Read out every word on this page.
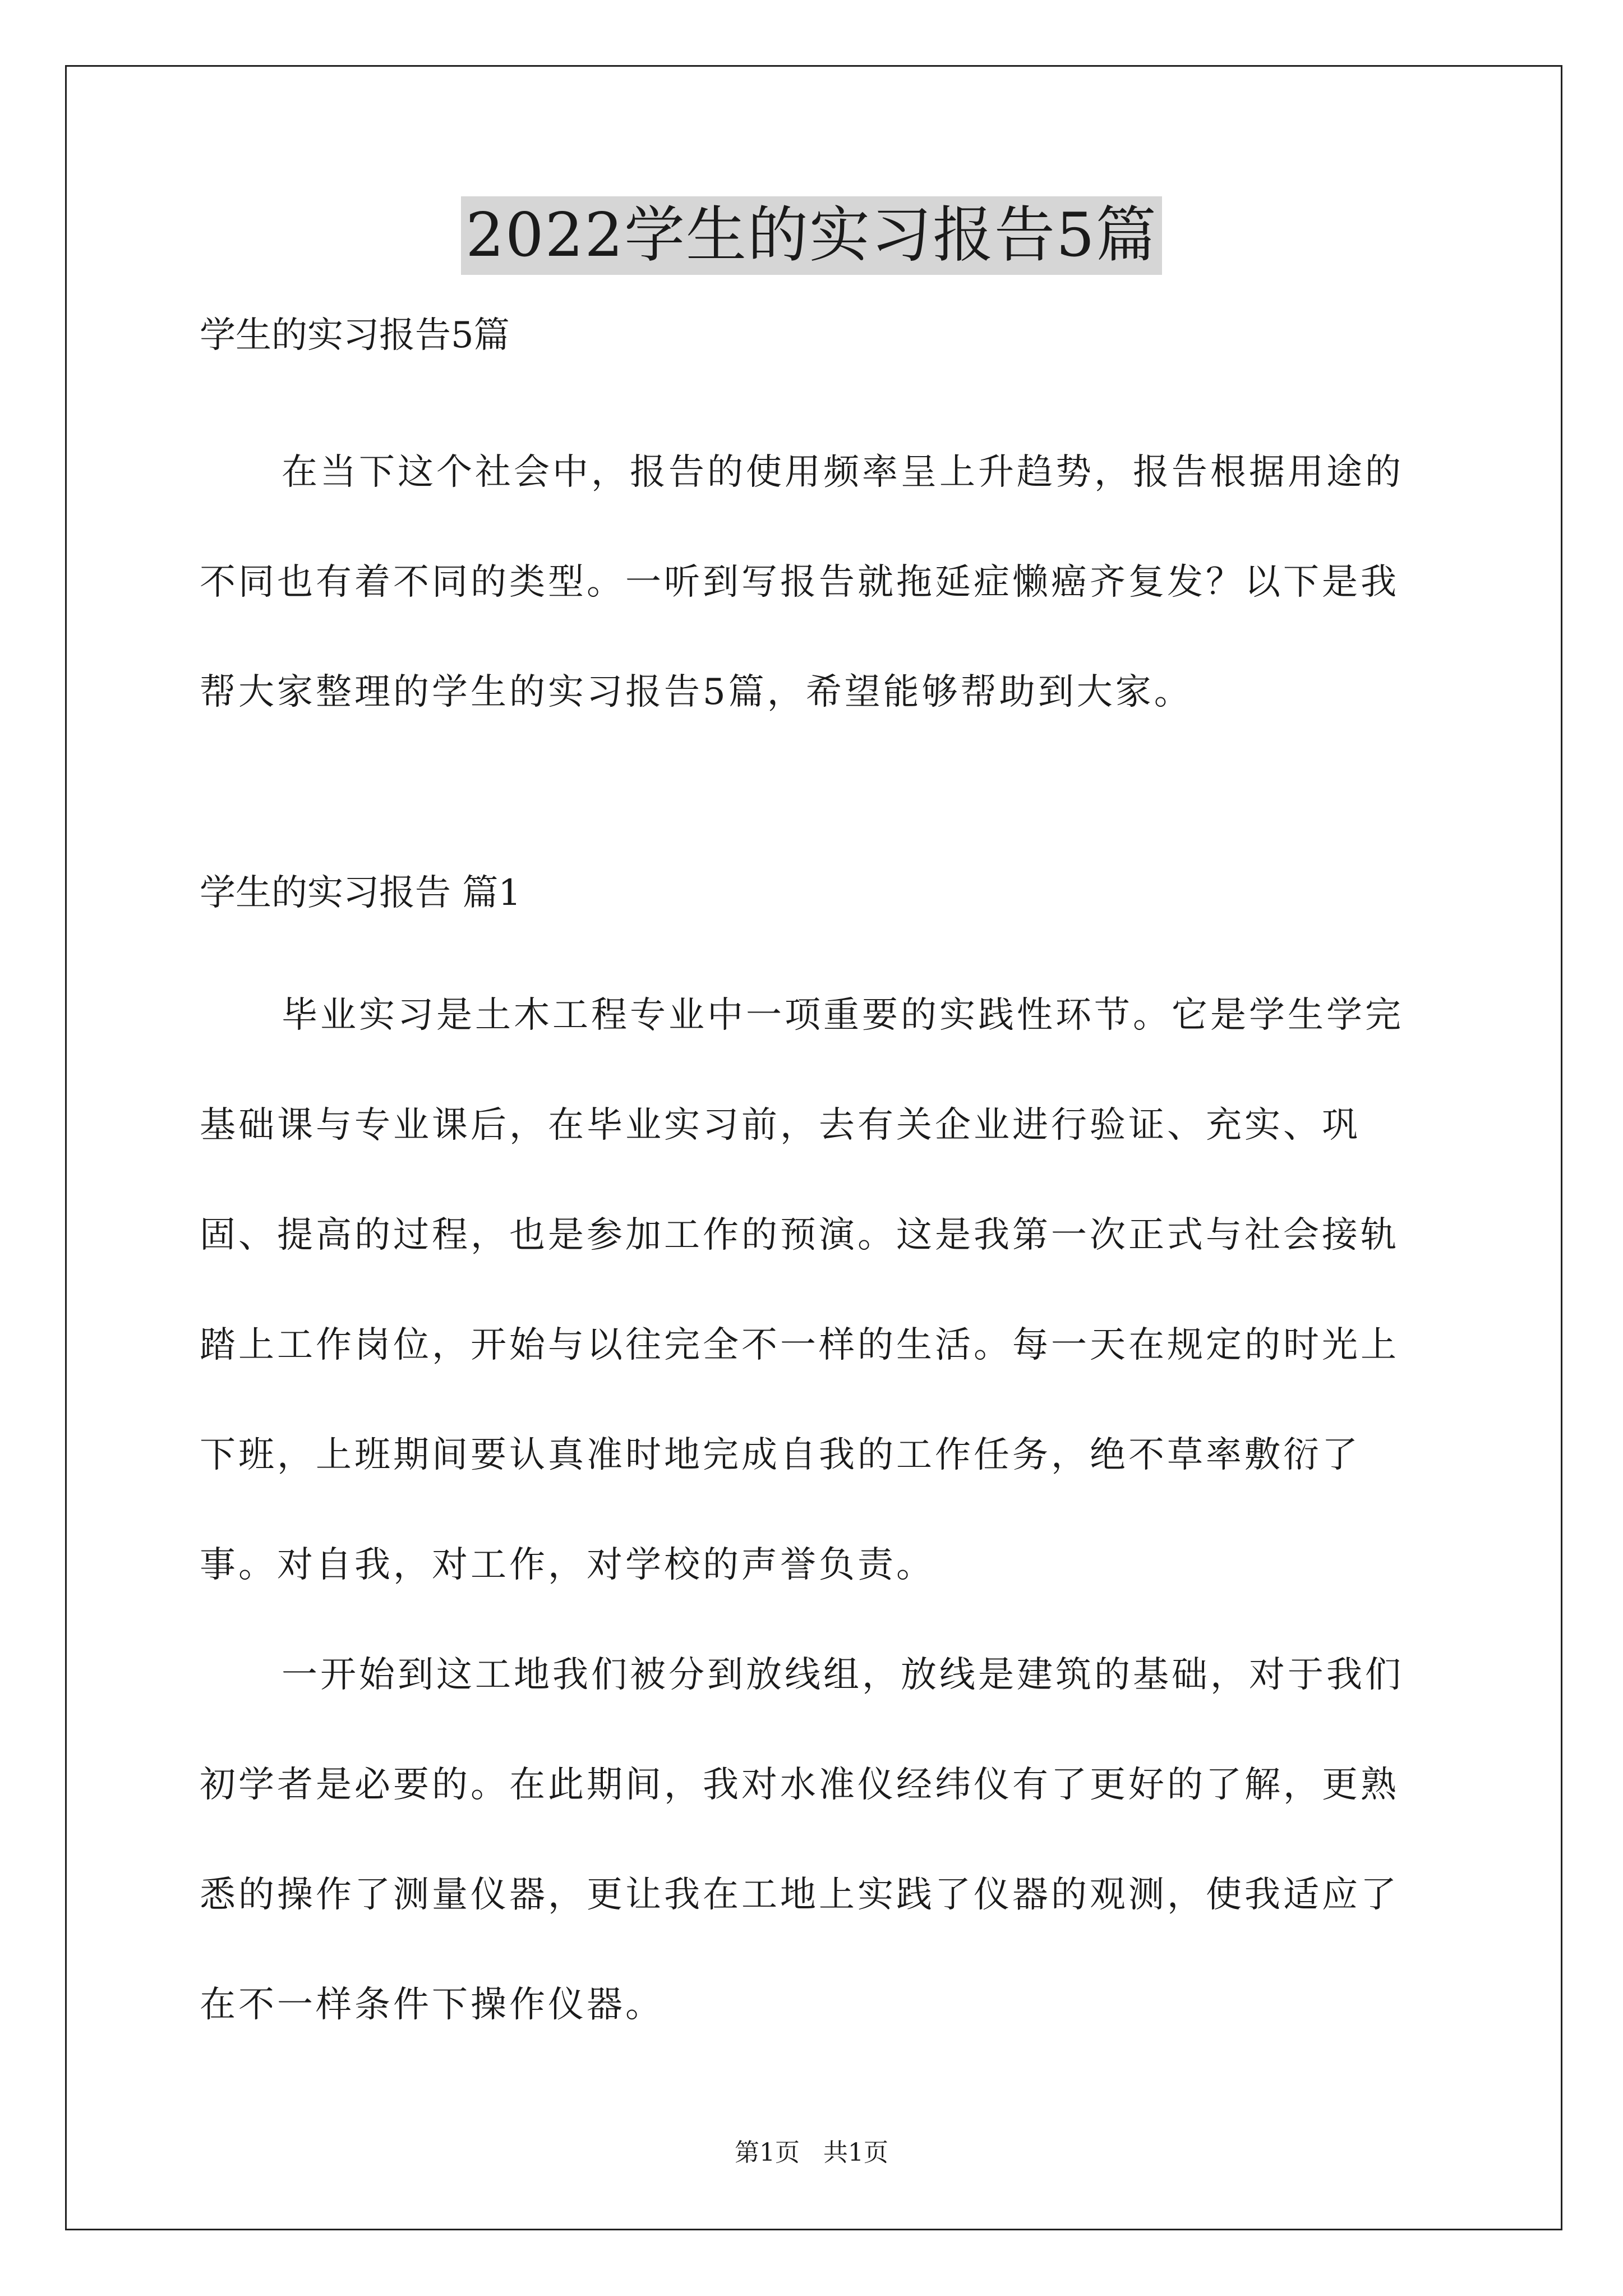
2022学生的实习报告5篇

学生的实习报告5篇

在当下这个社会中，报告的使用频率呈上升趋势，报告根据用途的不同也有着不同的类型。一听到写报告就拖延症懒癌齐复发？以下是我帮大家整理的学生的实习报告5篇，希望能够帮助到大家。

学生的实习报告 篇1

毕业实习是土木工程专业中一项重要的实践性环节。它是学生学完基础课与专业课后，在毕业实习前，去有关企业进行验证、充实、巩固、提高的过程，也是参加工作的预演。这是我第一次正式与社会接轨踏上工作岗位，开始与以往完全不一样的生活。每一天在规定的时光上下班，上班期间要认真准时地完成自我的工作任务，绝不草率敷衍了事。对自我，对工作，对学校的声誉负责。

一开始到这工地我们被分到放线组，放线是建筑的基础，对于我们初学者是必要的。在此期间，我对水准仪经纬仪有了更好的了解，更熟悉的操作了测量仪器，更让我在工地上实践了仪器的观测，使我适应了在不一样条件下操作仪器。

第1页   共1页
